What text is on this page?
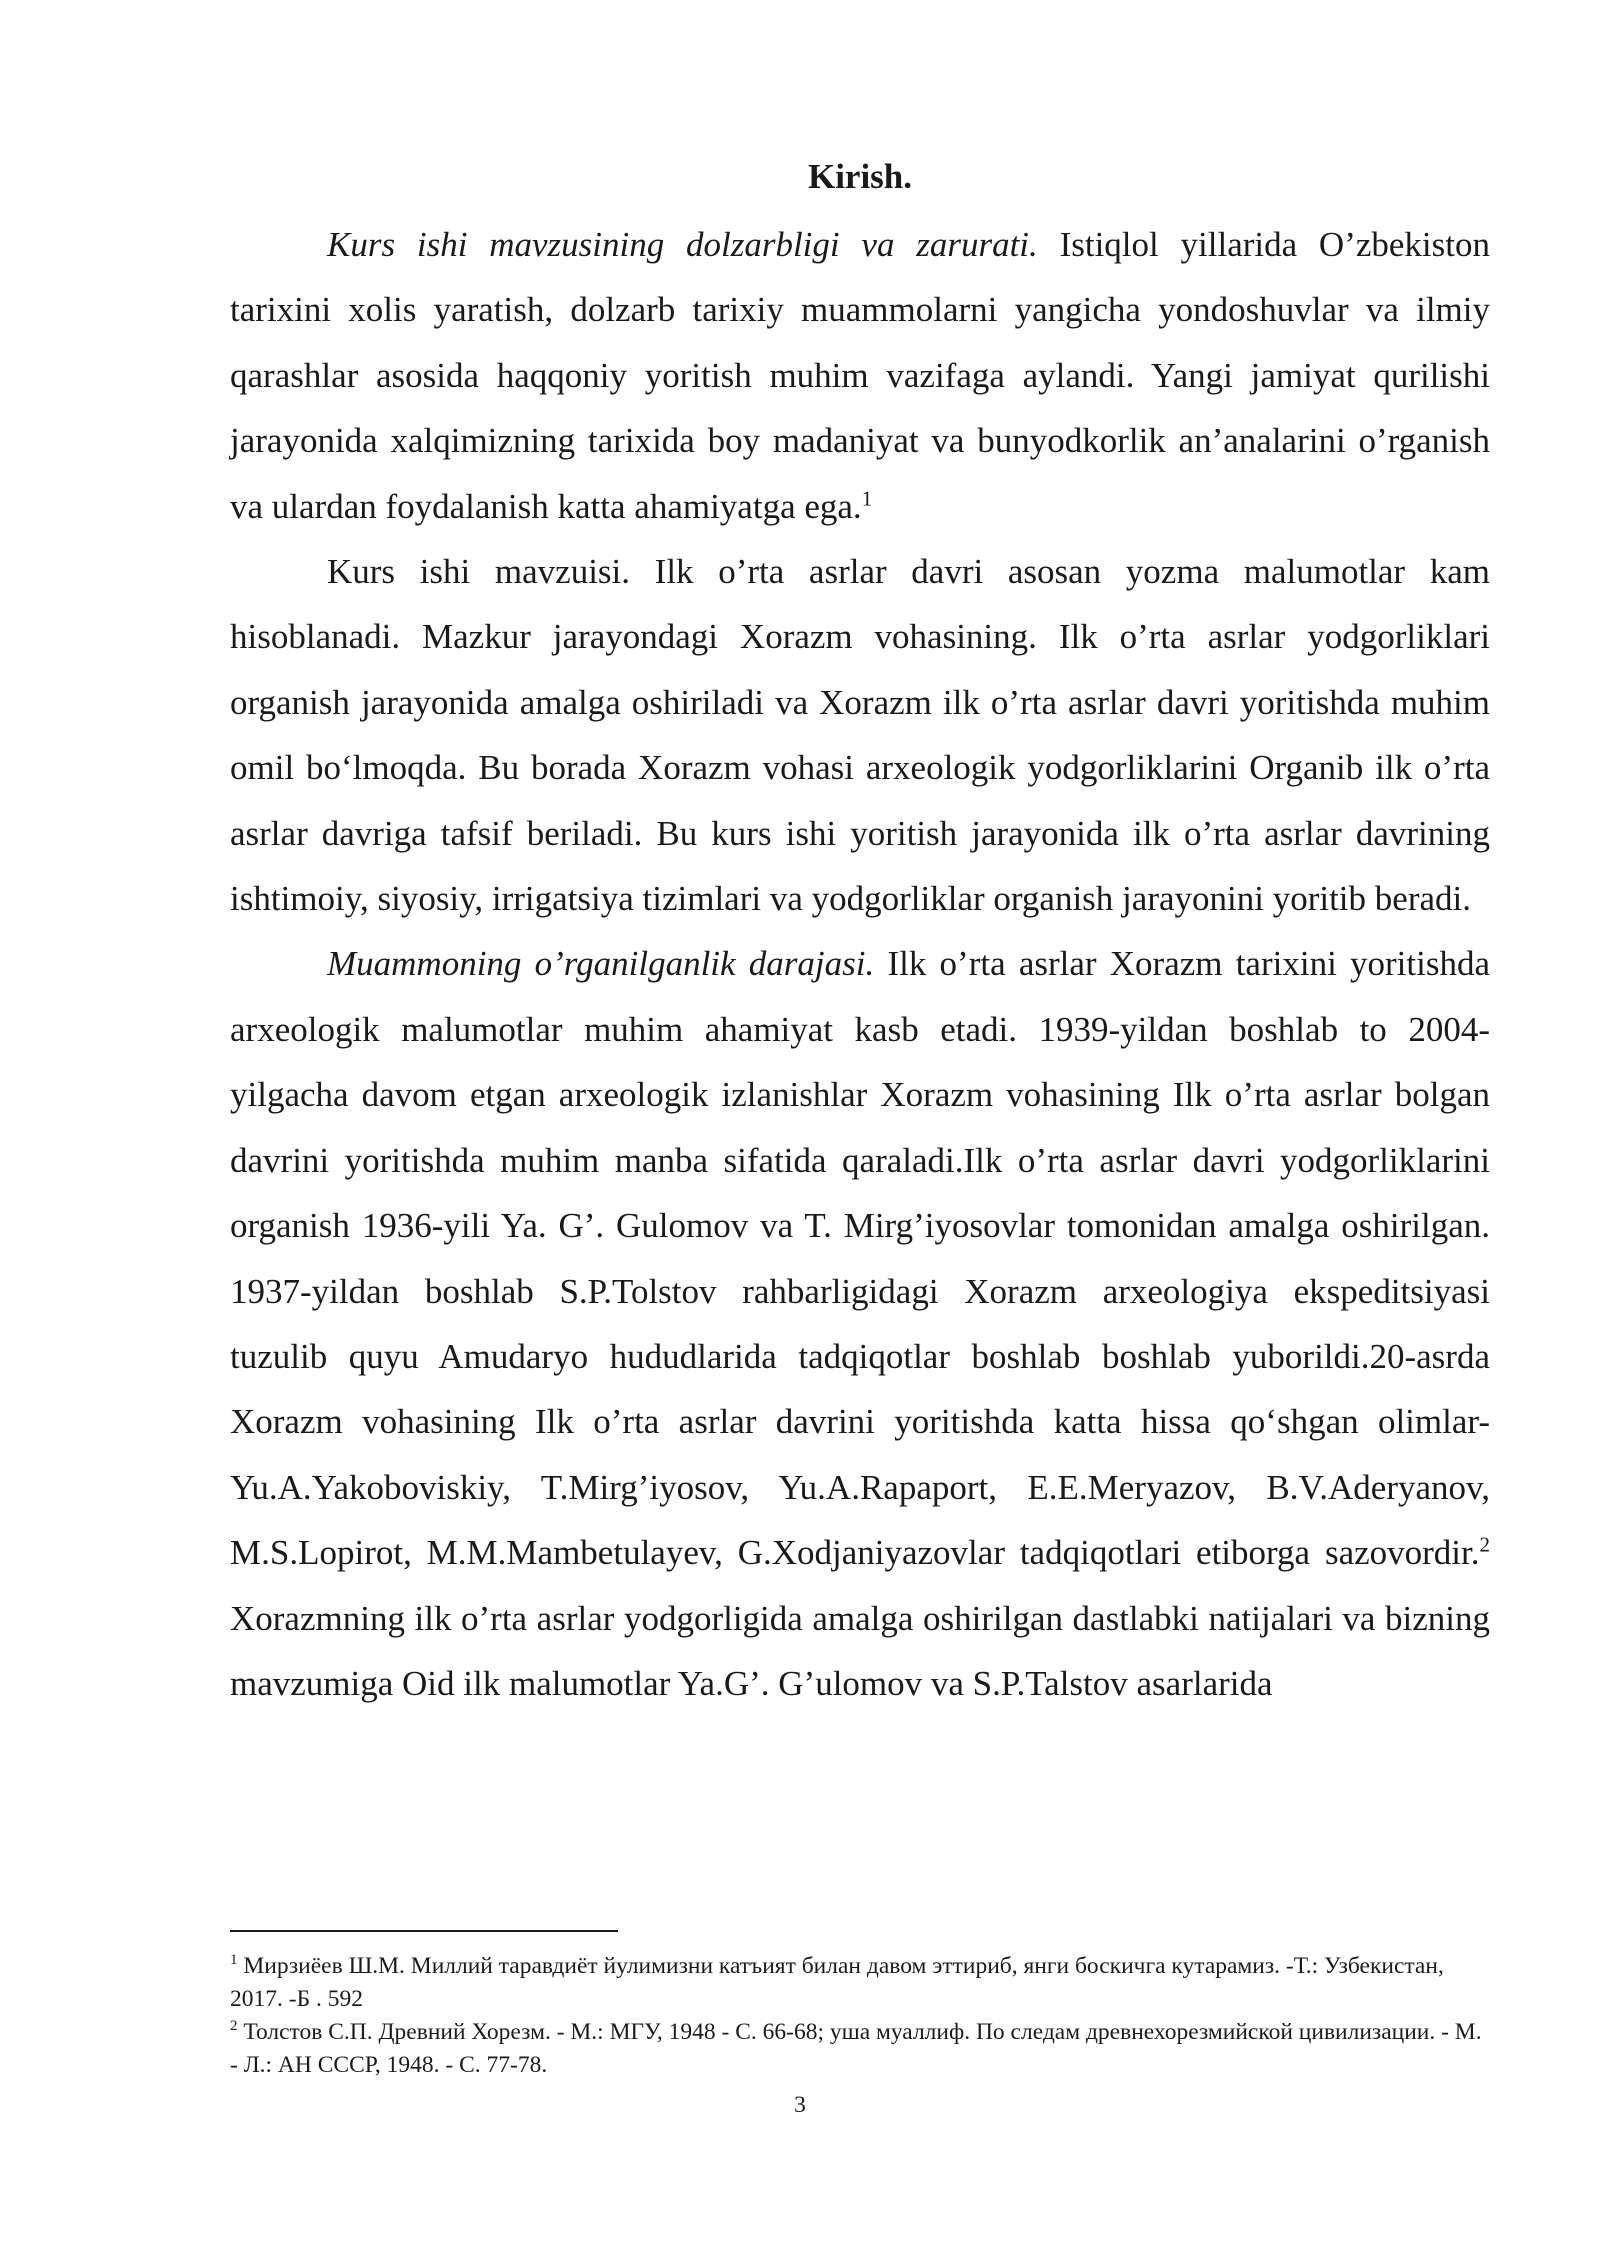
Kirish.

Kurs ishi mavzusining dolzarbligi va zarurati. Istiqlol yillarida O’zbekiston tarixini xolis yaratish, dolzarb tarixiy muammolarni yangicha yondoshuvlar va ilmiy qarashlar asosida haqqoniy yoritish muhim vazifaga aylandi. Yangi jamiyat qurilishi jarayonida xalqimizning tarixida boy madaniyat va bunyodkorlik an’analarini o’rganish va ulardan foydalanish katta ahamiyatga ega.$^1$

Kurs ishi mavzuisi. Ilk o’rta asrlar davri asosan yozma malumotlar kam hisoblanadi. Mazkur jarayondagi Xorazm vohasining. Ilk o’rta asrlar yodgorliklari organish jarayonida amalga oshiriladi va Xorazm ilk o’rta asrlar davri yoritishda muhim omil bo‘lmoqda. Bu borada Xorazm vohasi arxeologik yodgorliklarini Organib ilk o’rta asrlar davriga tafsif beriladi. Bu kurs ishi yoritish jarayonida ilk o’rta asrlar davrining ishtimoiy, siyosiy, irrigatsiya tizimlari va yodgorliklar organish jarayonini yoritib beradi.

Muammoning o’rganilganlik darajasi. Ilk o’rta asrlar Xorazm tarixini yoritishda arxeologik malumotlar muhim ahamiyat kasb etadi. 1939-yildan boshlab to 2004-yilgacha davom etgan arxeologik izlanishlar Xorazm vohasining Ilk o’rta asrlar bolgan davrini yoritishda muhim manba sifatida qaraladi.Ilk o’rta asrlar davri yodgorliklarini organish 1936-yili Ya. G’. Gulomov va T. Mirg’iyosovlar tomonidan amalga oshirilgan. 1937-yildan boshlab S.P.Tolstov rahbarligidagi Xorazm arxeologiya ekspeditsiyasi tuzulib quyu Amudaryo hududlarida tadqiqotlar boshlab boshlab yuborildi.20-asrda Xorazm vohasining Ilk o’rta asrlar davrini yoritishda katta hissa qo‘shgan olimlar-Yu.A.Yakoboviskiy, T.Mirg’iyosov, Yu.A.Rapaport, E.E.Meryazov, B.V.Aderyanov, M.S.Lopirot, M.M.Mambetulayev, G.Xodjaniyazovlar tadqiqotlari etiborga sazovordir.$^2$ Xorazmning ilk o’rta asrlar yodgorligida amalga oshirilgan dastlabki natijalari va bizning mavzumiga Oid ilk malumotlar Ya.G’. G’ulomov va S.P.Talstov asarlarida

$^1$ Мирзиёев Ш.М. Миллий таравдиёт йулимизни катъият билан давом эттириб, янги боскичга кутарамиз. -Т.: Узбекистан, 2017. -Б . 592

$^2$ Толстов С.П. Древний Хорезм. - М.: МГУ, 1948 - С. 66-68; уша муаллиф. По следам древнехорезмийской цивилизации. - М. - Л.: АН СССР, 1948. - С. 77-78.

3
